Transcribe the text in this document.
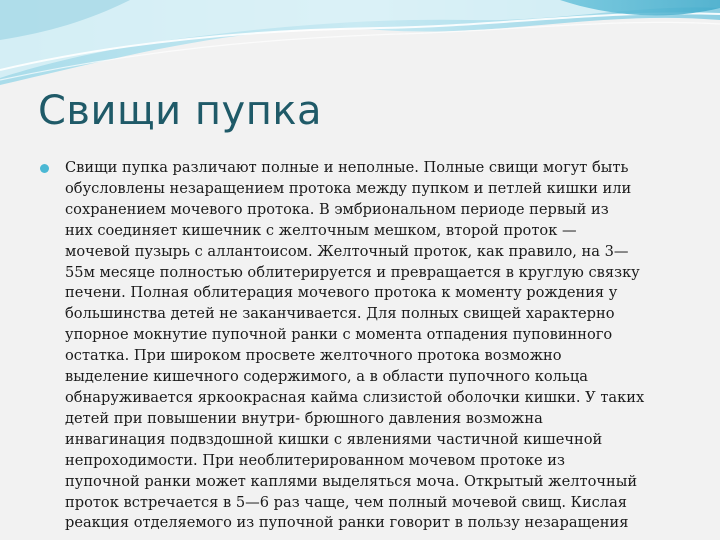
Свищи пупка

Свищи пупка различают полные и неполные. Полные свищи могут быть
обусловлены незаращением протока между пупком и петлей кишки или
сохранением мочевого протока. В эмбриональном периоде первый из
них соединяет кишечник с желточным мешком, второй проток —
мочевой пузырь с аллантоисом. Желточный проток, как правило, на 3—
55м месяце полностью облитерируется и превращается в круглую связку
печени. Полная облитерация мочевого протока к моменту рождения у
большинства детей не заканчивается. Для полных свищей характерно
упорное мокнутие пупочной ранки с момента отпадения пуповинного
остатка. При широком просвете желточного протока возможно
выделение кишечного содержимого, а в области пупочного кольца
обнаруживается яркоокрасная кайма слизистой оболочки кишки. У таких
детей при повышении внутри- брюшного давления возможна
инвагинация подвздошной кишки с явлениями частичной кишечной
непроходимости. При необлитерированном мочевом протоке из
пупочной ранки может каплями выделяться моча. Открытый желточный
проток встречается в 5—6 раз чаще, чем полный мочевой свищ. Кислая
реакция отделяемого из пупочной ранки говорит в пользу незаращения
